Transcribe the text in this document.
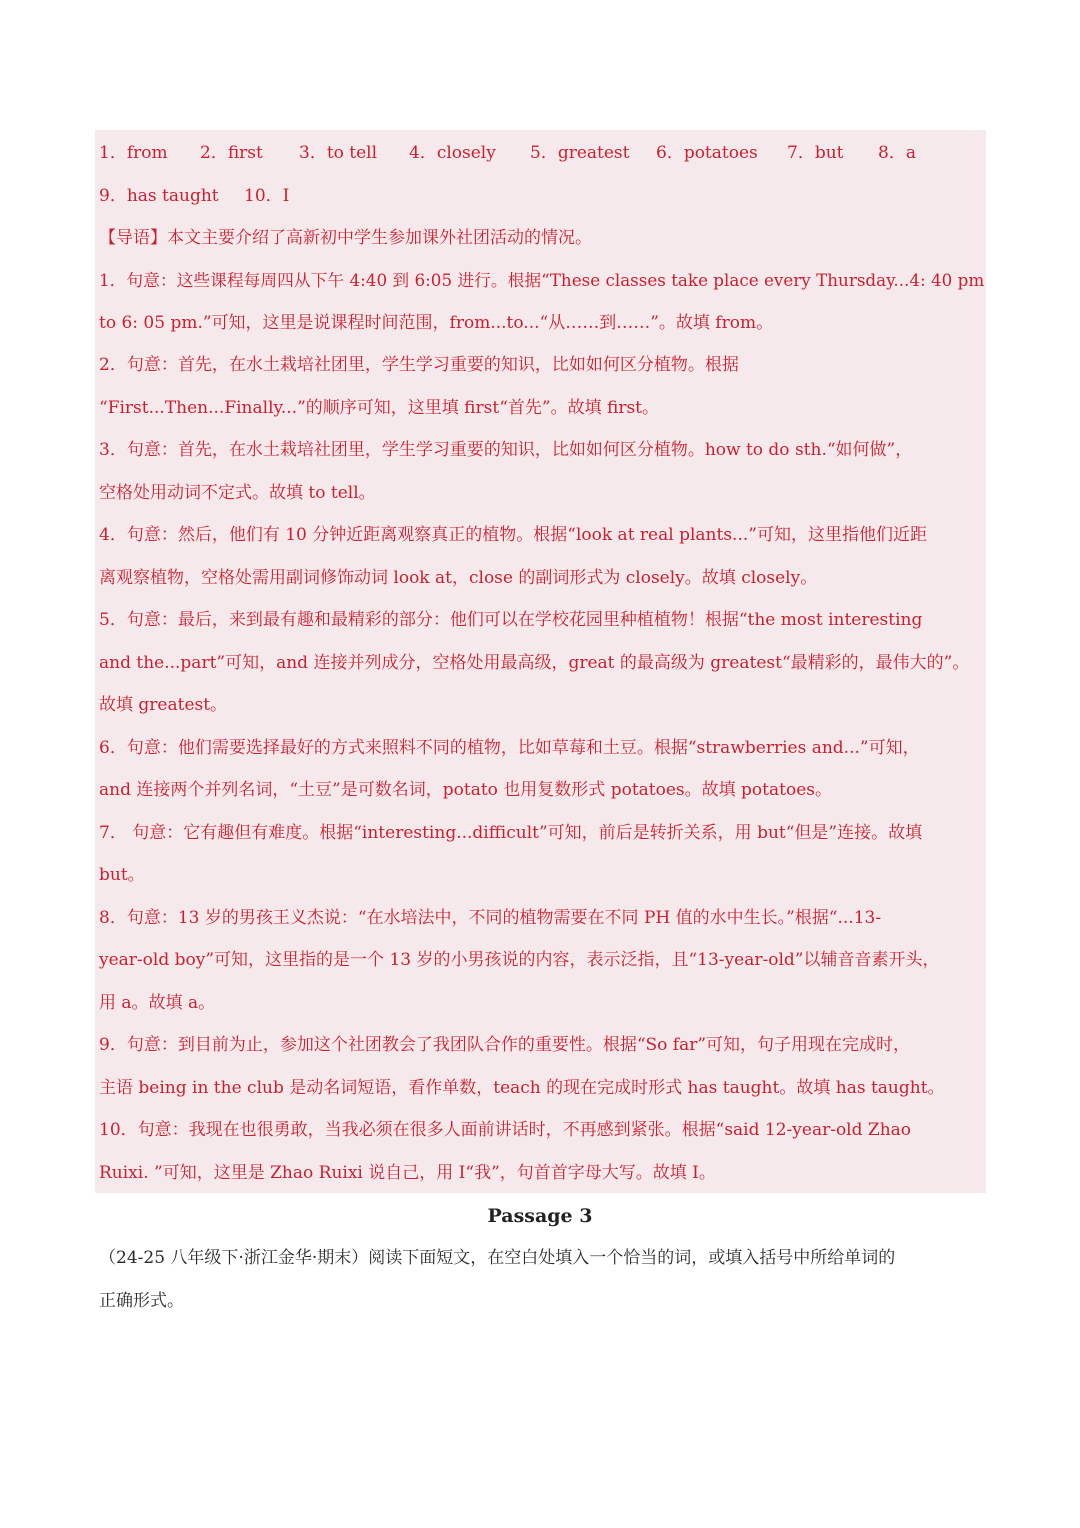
1．from 2．first 3．to tell 4．closely 5．greatest 6．potatoes 7．but 8．a
9．has taught 10．I
【导语】本文主要介绍了高新初中学生参加课外社团活动的情况。
1．句意：这些课程每周四从下午 4:40 到 6:05 进行。根据“These classes take place every Thursday...4: 40 pm
to 6: 05 pm.”可知，这里是说课程时间范围，from...to...“从……到……”。故填 from。
2．句意：首先，在水土栽培社团里，学生学习重要的知识，比如如何区分植物。根据
“First...Then...Finally...”的顺序可知，这里填 first“首先”。故填 first。
3．句意：首先，在水土栽培社团里，学生学习重要的知识，比如如何区分植物。how to do sth.“如何做”，
空格处用动词不定式。故填 to tell。
4．句意：然后，他们有 10 分钟近距离观察真正的植物。根据“look at real plants...”可知，这里指他们近距
离观察植物，空格处需用副词修饰动词 look at，close 的副词形式为 closely。故填 closely。
5．句意：最后，来到最有趣和最精彩的部分：他们可以在学校花园里种植植物！根据“the most interesting
and the...part”可知，and 连接并列成分，空格处用最高级，great 的最高级为 greatest“最精彩的，最伟大的”。
故填 greatest。
6．句意：他们需要选择最好的方式来照料不同的植物，比如草莓和土豆。根据“strawberries and...”可知，
and 连接两个并列名词，“土豆”是可数名词，potato 也用复数形式 potatoes。故填 potatoes。
7． 句意：它有趣但有难度。根据“interesting...difficult”可知，前后是转折关系，用 but“但是”连接。故填
but。
8．句意：13 岁的男孩王义杰说：“在水培法中，不同的植物需要在不同 PH 值的水中生长。”根据“...13-
year-old boy”可知，这里指的是一个 13 岁的小男孩说的内容，表示泛指，且“13-year-old”以辅音音素开头，
用 a。故填 a。
9．句意：到目前为止，参加这个社团教会了我团队合作的重要性。根据“So far”可知，句子用现在完成时，
主语 being in the club 是动名词短语，看作单数，teach 的现在完成时形式 has taught。故填 has taught。
10．句意：我现在也很勇敢，当我必须在很多人面前讲话时，不再感到紧张。根据“said 12-year-old Zhao
Ruixi. ”可知，这里是 Zhao Ruixi 说自己，用 I“我”，句首首字母大写。故填 I。
Passage 3
（24-25 八年级下·浙江金华·期末）阅读下面短文，在空白处填入一个恰当的词，或填入括号中所给单词的
正确形式。
